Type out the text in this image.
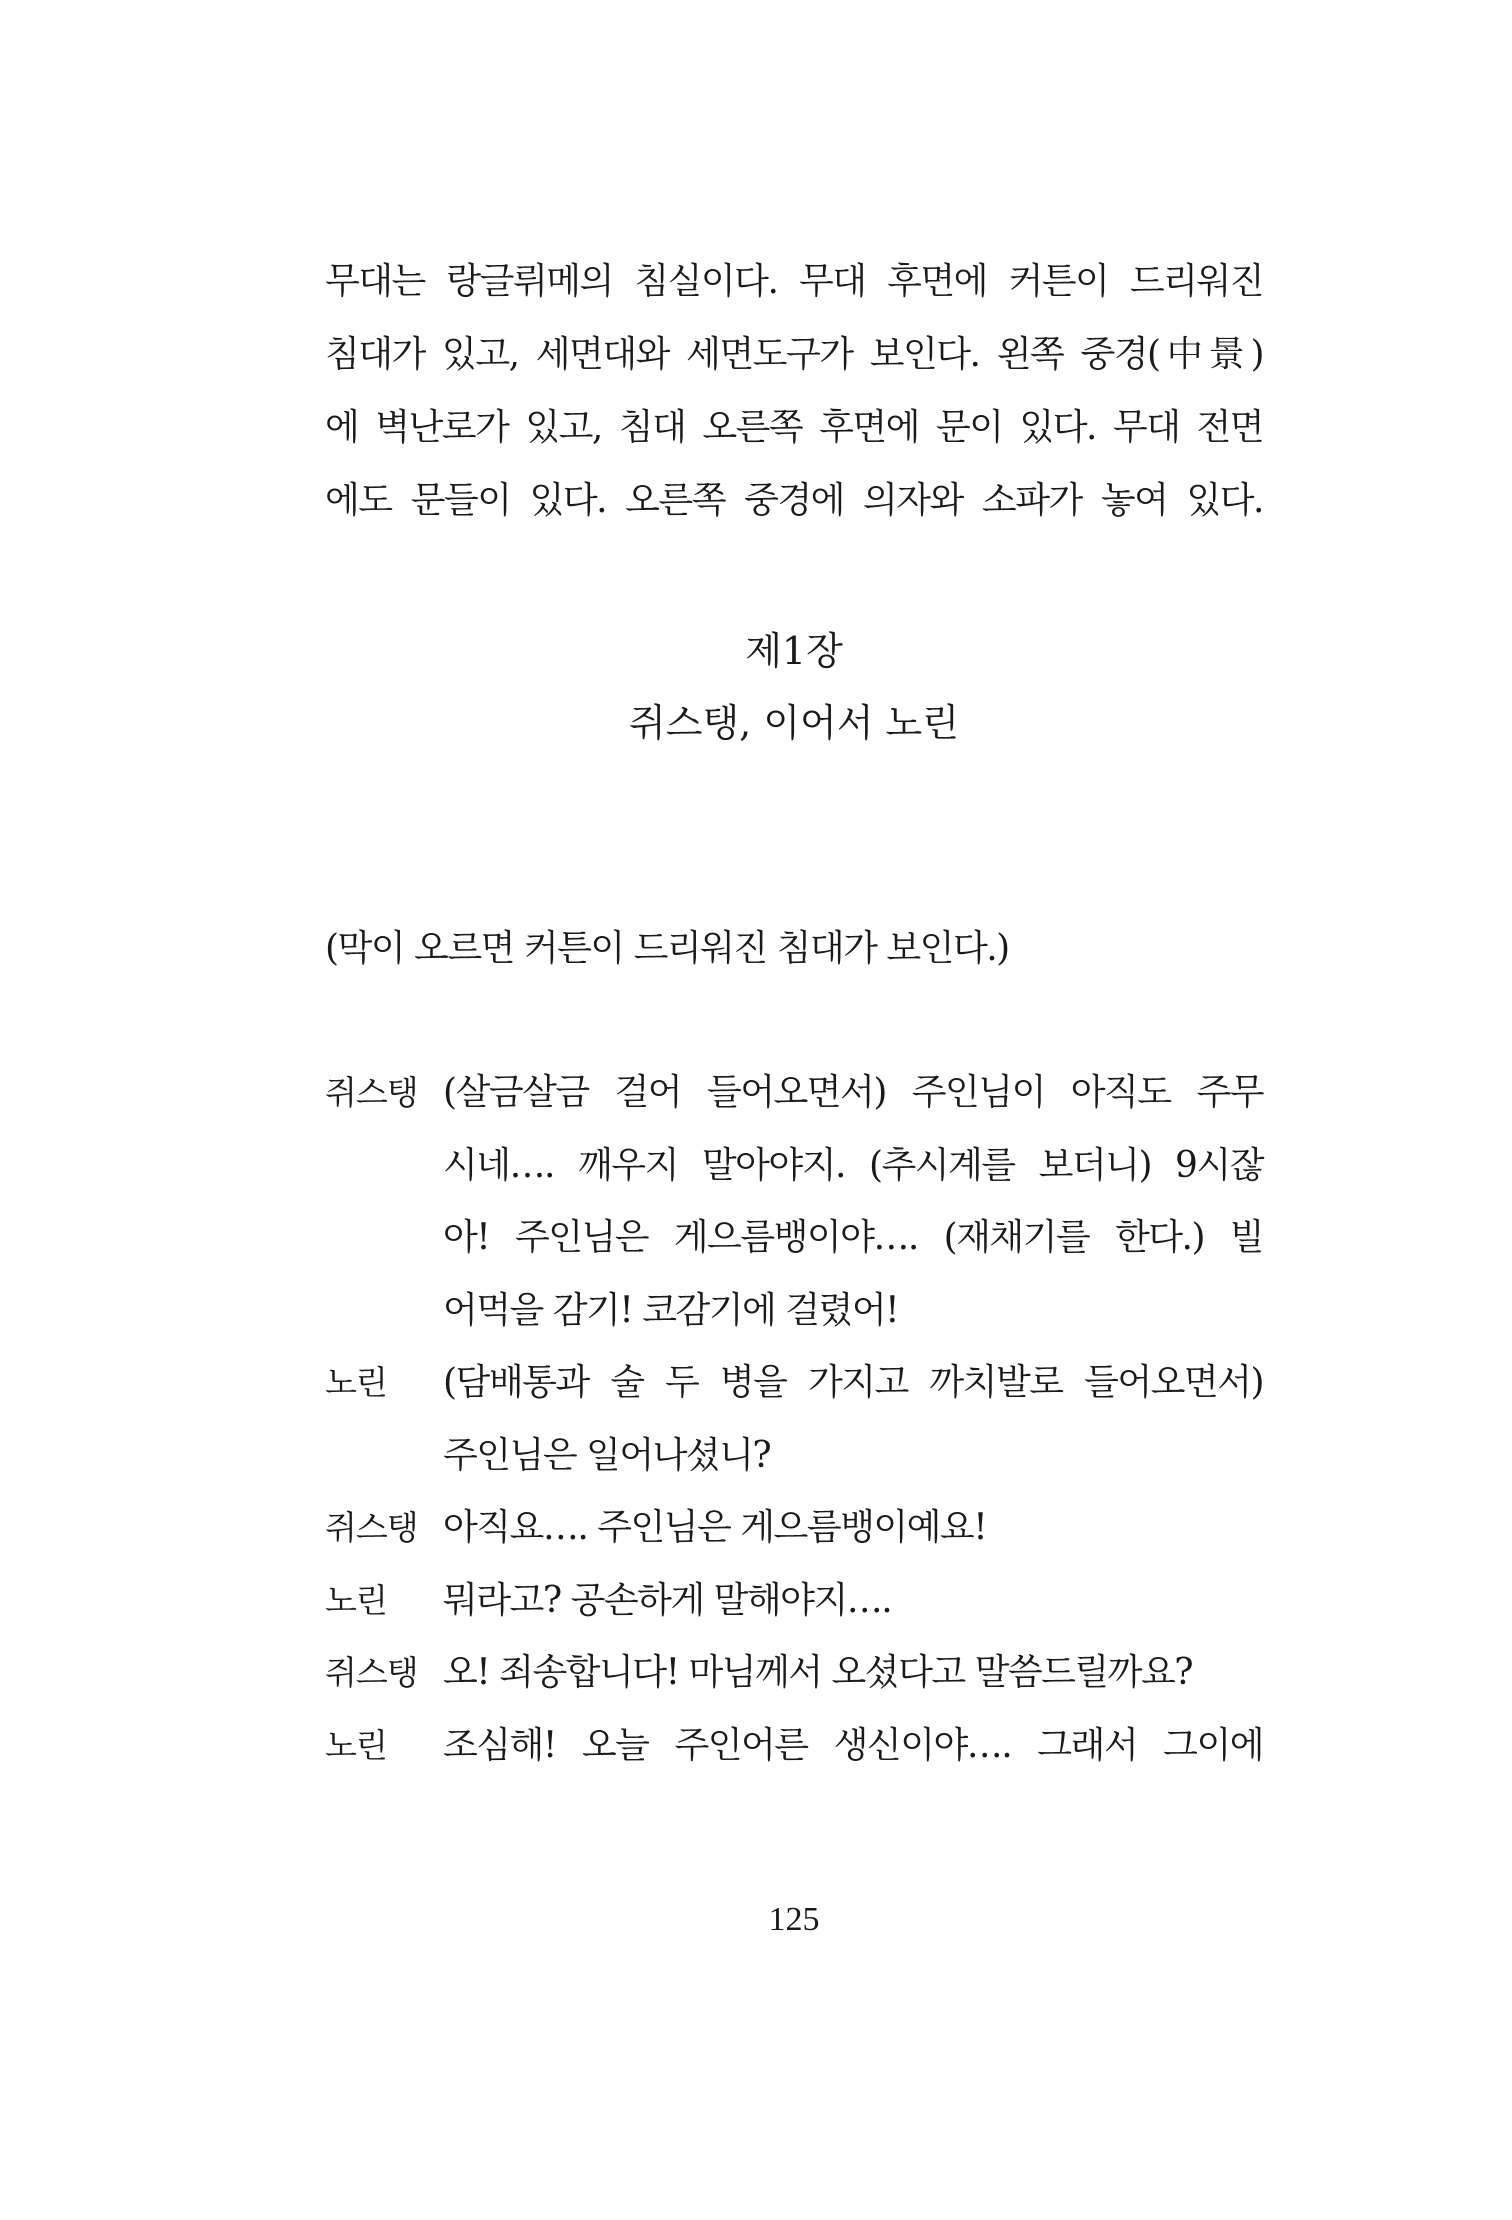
무대는 랑글뤼메의 침실이다. 무대 후면에 커튼이 드리워진
침대가 있고, 세면대와 세면도구가 보인다. 왼쪽 중경(中景)
에 벽난로가 있고, 침대 오른쪽 후면에 문이 있다. 무대 전면
에도 문들이 있다. 오른쪽 중경에 의자와 소파가 놓여 있다.
제1장
쥐스탱, 이어서 노린
(막이 오르면 커튼이 드리워진 침대가 보인다.)
쥐스탱 (살금살금 걸어 들어오면서) 주인님이 아직도 주무
시네…. 깨우지 말아야지. (추시계를 보더니) 9시잖
아! 주인님은 게으름뱅이야…. (재채기를 한다.) 빌
어먹을 감기! 코감기에 걸렸어!
노린	(담배통과 술 두 병을 가지고 까치발로 들어오면서)
주인님은 일어나셨니?
쥐스탱 아직요…. 주인님은 게으름뱅이예요!
노린	뭐라고? 공손하게 말해야지….
쥐스탱 오! 죄송합니다! 마님께서 오셨다고 말씀드릴까요?
노린	조심해! 오늘 주인어른 생신이야…. 그래서 그이에
125
